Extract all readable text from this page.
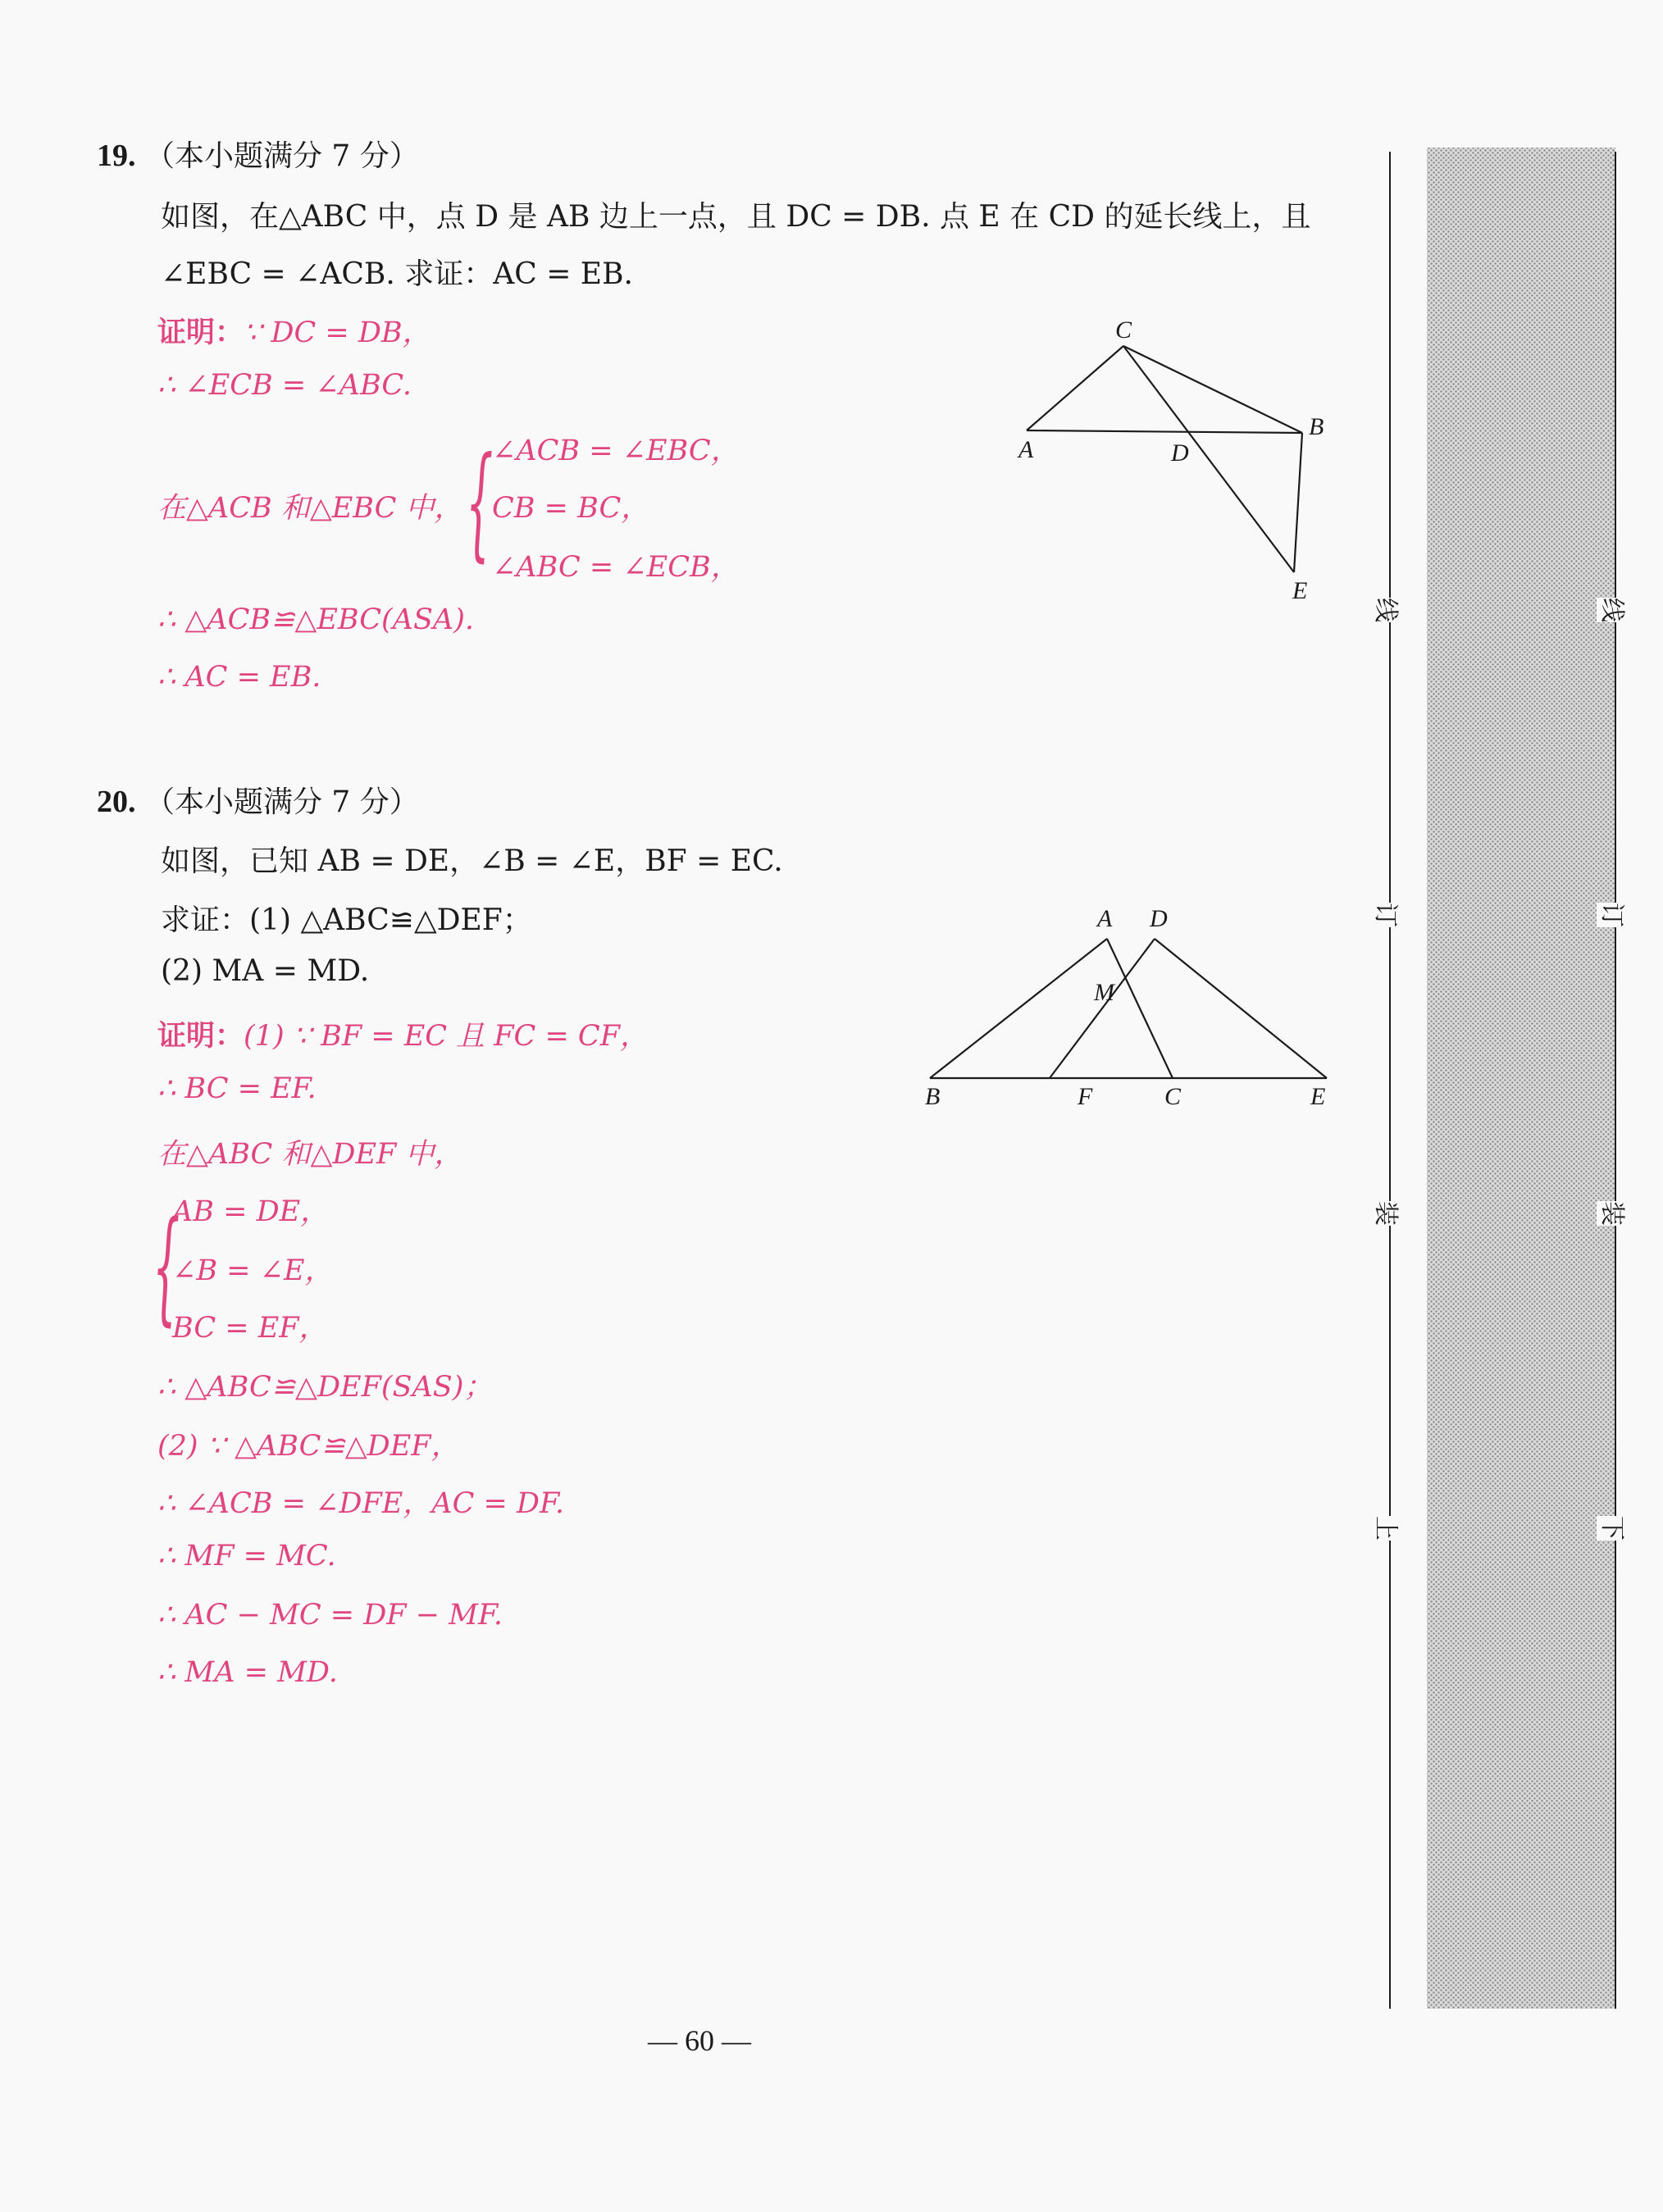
19. （本小题满分 7 分）
如图，在△ABC 中，点 D 是 AB 边上一点，且 DC = DB. 点 E 在 CD 的延长线上，且
∠EBC = ∠ACB. 求证：AC = EB.
证明：∵ DC = DB，
∴ ∠ECB = ∠ABC.
在△ACB 和△EBC 中， {
∠ACB = ∠EBC，
CB = BC，
∠ABC = ∠ECB，
∴ △ACB≌△EBC(ASA).
∴ AC = EB.
C
A	D
B
E
20. （本小题满分 7 分）
如图，已知 AB = DE，∠B = ∠E，BF = EC.
求证：(1) △ABC≌△DEF；
(2) MA = MD.
证明：(1) ∵ BF = EC 且 FC = CF，
∴ BC = EF.
在△ABC 和△DEF 中，
{
AB = DE，
∠B = ∠E，
BC = EF，
∴ △ABC≌△DEF(SAS)；
(2) ∵ △ABC≌△DEF，
∴ ∠ACB = ∠DFE，AC = DF.
∴ MF = MC.
∴ AC − MC = DF − MF.
∴ MA = MD.
A D
M
B	F	C	E
线
订
装
上
线
订
装
下
— 60 —
